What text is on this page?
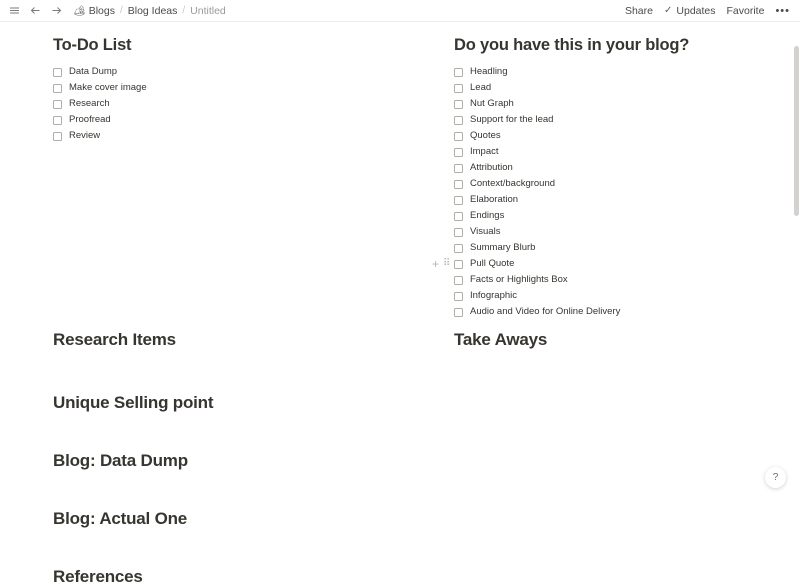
🏕 Blogs / Blog Ideas / Untitled	Share ✓ Updates Favorite •••
To-Do List
Data Dump
Make cover image
Research
Proofread
Review
Do you have this in your blog?
Headling
Lead
Nut Graph
Support for the lead
Quotes
Impact
Attribution
Context/background
Elaboration
Endings
Visuals
Summary Blurb
+ ⠿ Pull Quote
Facts or Highlights Box
Infographic
Audio and Video for Online Delivery
Research Items	Take Aways
Unique Selling point
Blog: Data Dump
Blog: Actual One
References
?
